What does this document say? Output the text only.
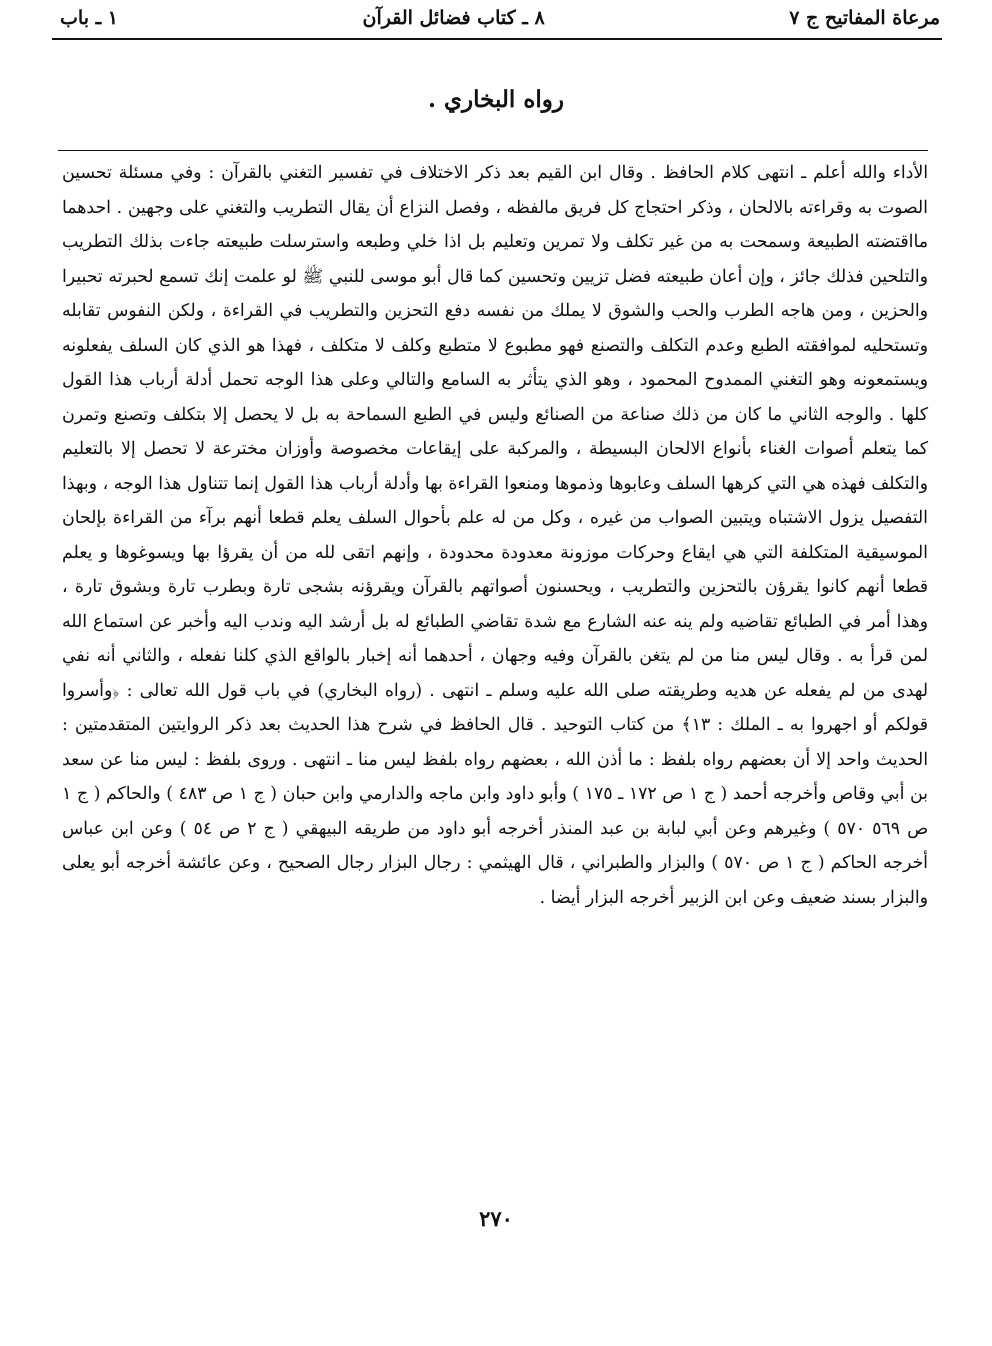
مرعاة المفاتيح ج ٧
٨ ـ كتاب فضائل القرآن
١ ـ باب
رواه البخاري .

الأداء والله أعلم ـ انتهى كلام الحافظ . وقال ابن القيم بعد ذكر الاختلاف في تفسير التغني بالقرآن : وفي مسئلة تحسين الصوت به وقراءته بالالحان ، وذكر احتجاج كل فريق مالفظه ، وفصل النزاع أن يقال التطريب والتغني على وجهين . احدهما مااقتضته الطبيعة وسمحت به من غير تكلف ولا تمرين وتعليم بل اذا خلي وطبعه واسترسلت طبيعته جاءت بذلك التطريب والتلحين فذلك جائز ، وإن أعان طبيعته فضل تزيين وتحسين كما قال أبو موسى للنبي ﷺ لو علمت إنك تسمع لحبرته تحبيرا والحزين ، ومن هاجه الطرب والحب والشوق لا يملك من نفسه دفع التحزين والتطريب في القراءة ، ولكن النفوس تقابله وتستحليه لموافقته الطبع وعدم التكلف والتصنع فهو مطبوع لا متطبع وكلف لا متكلف ، فهذا هو الذي كان السلف يفعلونه ويستمعونه وهو التغني الممدوح المحمود ، وهو الذي يتأثر به السامع والتالي وعلى هذا الوجه تحمل أدلة أرباب هذا القول كلها . والوجه الثاني ما كان من ذلك صناعة من الصنائع وليس في الطبع السماحة به بل لا يحصل إلا بتكلف وتصنع وتمرن كما يتعلم أصوات الغناء بأنواع الالحان البسيطة ، والمركبة على إيقاعات مخصوصة وأوزان مخترعة لا تحصل إلا بالتعليم والتكلف فهذه هي التي كرهها السلف وعابوها وذموها ومنعوا القراءة بها وأدلة أرباب هذا القول إنما تتناول هذا الوجه ، وبهذا التفصيل يزول الاشتباه ويتبين الصواب من غيره ، وكل من له علم بأحوال السلف يعلم قطعا أنهم برآء من القراءة بإلحان الموسيقية المتكلفة التي هي ايقاع وحركات موزونة معدودة محدودة ، وإنهم اتقى لله من أن يقرؤا بها ويسوغوها و يعلم قطعا أنهم كانوا يقرؤن بالتحزين والتطريب ، ويحسنون أصواتهم بالقرآن ويقرؤنه بشجى تارة وبطرب تارة وبشوق تارة ، وهذا أمر في الطبائع تقاضيه ولم ينه عنه الشارع مع شدة تقاضي الطبائع له بل أرشد اليه وندب اليه وأخبر عن استماع الله لمن قرأ به . وقال ليس منا من لم يتغن بالقرآن وفيه وجهان ، أحدهما أنه إخبار بالواقع الذي كلنا نفعله ، والثاني أنه نفي لهدى من لم يفعله عن هديه وطريقته صلى الله عليه وسلم ـ انتهى . (رواه البخاري) في باب قول الله تعالى : ﴿وأسروا قولكم أو اجهروا به ـ الملك : ١٣﴾ من كتاب التوحيد . قال الحافظ في شرح هذا الحديث بعد ذكر الروايتين المتقدمتين : الحديث واحد إلا أن بعضهم رواه بلفظ : ما أذن الله ، بعضهم رواه بلفظ ليس منا ـ انتهى . وروى بلفظ : ليس منا عن سعد بن أبي وقاص وأخرجه أحمد ( ج ١ ص ١٧٢ ـ ١٧٥ ) وأبو داود وابن ماجه والدارمي وابن حبان ( ج ١ ص ٤٨٣ ) والحاكم ( ج ١ ص ٥٦٩ ٥٧٠ ) وغيرهم وعن أبي لبابة بن عبد المنذر أخرجه أبو داود من طريقه البيهقي ( ج ٢ ص ٥٤ ) وعن ابن عباس أخرجه الحاكم ( ج ١ ص ٥٧٠ ) والبزار والطبراني ، قال الهيثمي : رجال البزار رجال الصحيح ، وعن عائشة أخرجه أبو يعلى والبزار بسند ضعيف وعن ابن الزبير أخرجه البزار أيضا .

٢٧٠
